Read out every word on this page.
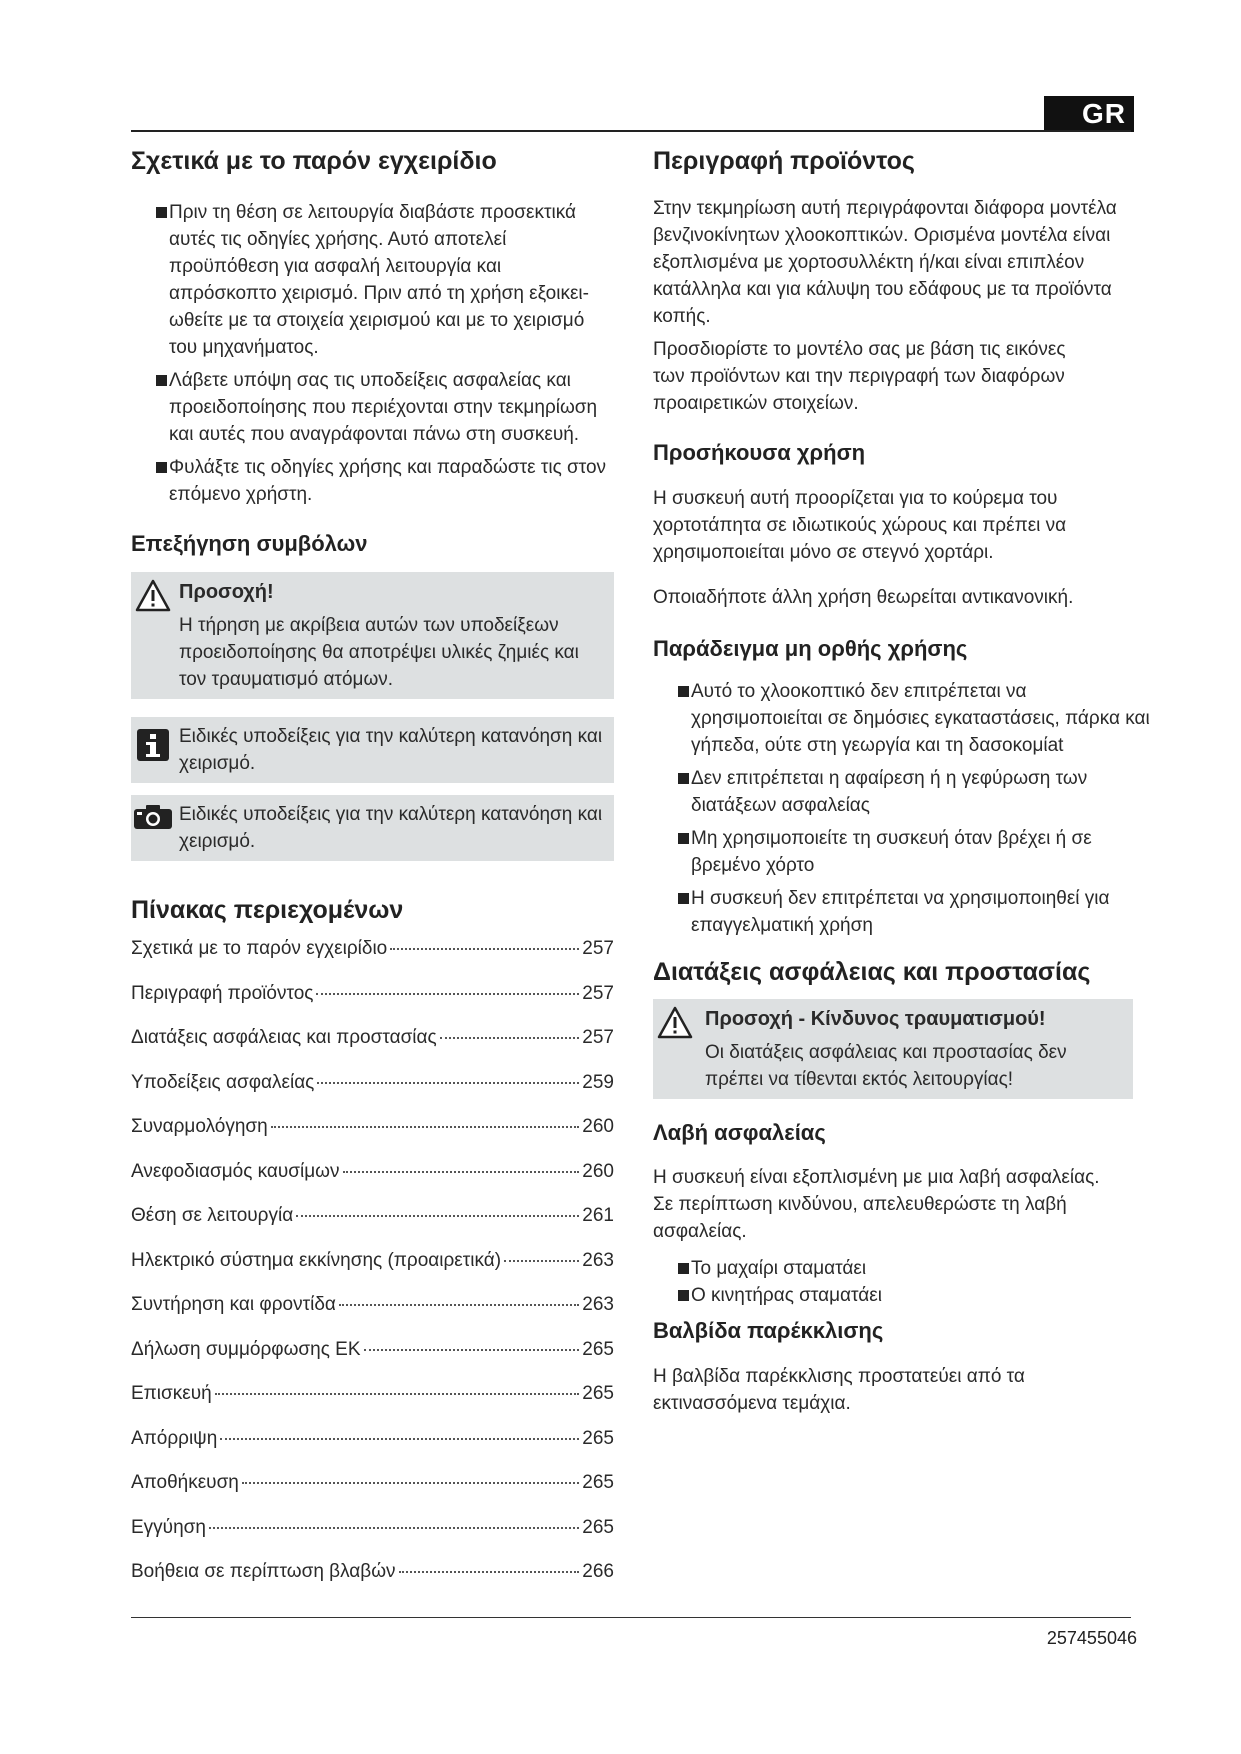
GR
Σχετικά με το παρόν εγχειρίδιο
Πριν τη θέση σε λειτουργία διαβάστε προσεκτικά αυτές τις οδηγίες χρήσης. Αυτό αποτελεί προϋπόθεση για ασφαλή λειτουργία και απρόσκοπτο χειρισμό. Πριν από τη χρήση εξοικει-ωθείτε με τα στοιχεία χειρισμού και με το χειρισμό του μηχανήματος.
Λάβετε υπόψη σας τις υποδείξεις ασφαλείας και προειδοποίησης που περιέχονται στην τεκμηρίωση και αυτές που αναγράφονται πάνω στη συσκευή.
Φυλάξτε τις οδηγίες χρήσης και παραδώστε τις στον επόμενο χρήστη.
Επεξήγηση συμβόλων

Προσοχή!

Η τήρηση με ακρίβεια αυτών των υποδείξεων προειδοποίησης θα αποτρέψει υλικές ζημιές και τον τραυματισμό ατόμων.

Ειδικές υποδείξεις για την καλύτερη κατανόηση και χειρισμό.

Ειδικές υποδείξεις για την καλύτερη κατανόηση και χειρισμό.

Πίνακας περιεχομένων
Σχετικά με το παρόν εγχειρίδιο	257
Περιγραφή προϊόντος	257
Διατάξεις ασφάλειας και προστασίας	257
Υποδείξεις ασφαλείας	259
Συναρμολόγηση	260
Ανεφοδιασμός καυσίμων	260
Θέση σε λειτουργία	261
Ηλεκτρικό σύστημα εκκίνησης (προαιρετικά)	263
Συντήρηση και φροντίδα	263
Δήλωση συμμόρφωσης ΕΚ	265
Επισκευή	265
Απόρριψη	265
Αποθήκευση	265
Εγγύηση	265
Βοήθεια σε περίπτωση βλαβών	266
Περιγραφή προϊόντος

Στην τεκμηρίωση αυτή περιγράφονται διάφορα μοντέλα βενζινοκίνητων χλοοκοπτικών. Ορισμένα μοντέλα είναι εξοπλισμένα με χορτοσυλλέκτη ή/και είναι επιπλέον κατάλληλα και για κάλυψη του εδάφους με τα προϊόντα κοπής.

Προσδιορίστε το μοντέλο σας με βάση τις εικόνες των προϊόντων και την περιγραφή των διαφόρων προαιρετικών στοιχείων.

Προσήκουσα χρήση

Η συσκευή αυτή προορίζεται για το κούρεμα του χορτοτάπητα σε ιδιωτικούς χώρους και πρέπει να χρησιμοποιείται μόνο σε στεγνό χορτάρι.

Οποιαδήποτε άλλη χρήση θεωρείται αντικανονική.

Παράδειγμα μη ορθής χρήσης
Αυτό το χλοοκοπτικό δεν επιτρέπεται να χρησιμοποιείται σε δημόσιες εγκαταστάσεις, πάρκα και γήπεδα, ούτε στη γεωργία και τη δασοκομίat
Δεν επιτρέπεται η αφαίρεση ή η γεφύρωση των διατάξεων ασφαλείας
Μη χρησιμοποιείτε τη συσκευή όταν βρέχει ή σε βρεμένο χόρτο
Η συσκευή δεν επιτρέπεται να χρησιμοποιηθεί για επαγγελματική χρήση
Διατάξεις ασφάλειας και προστασίας

Προσοχή - Κίνδυνος τραυματισμού!

Οι διατάξεις ασφάλειας και προστασίας δεν πρέπει να τίθενται εκτός λειτουργίας!

Λαβή ασφαλείας

Η συσκευή είναι εξοπλισμένη με μια λαβή ασφαλείας. Σε περίπτωση κινδύνου, απελευθερώστε τη λαβή ασφαλείας.

Το μαχαίρι σταματάει
Ο κινητήρας σταματάει
Βαλβίδα παρέκκλισης

Η βαλβίδα παρέκκλισης προστατεύει από τα εκτινασσόμενα τεμάχια.

257455046
